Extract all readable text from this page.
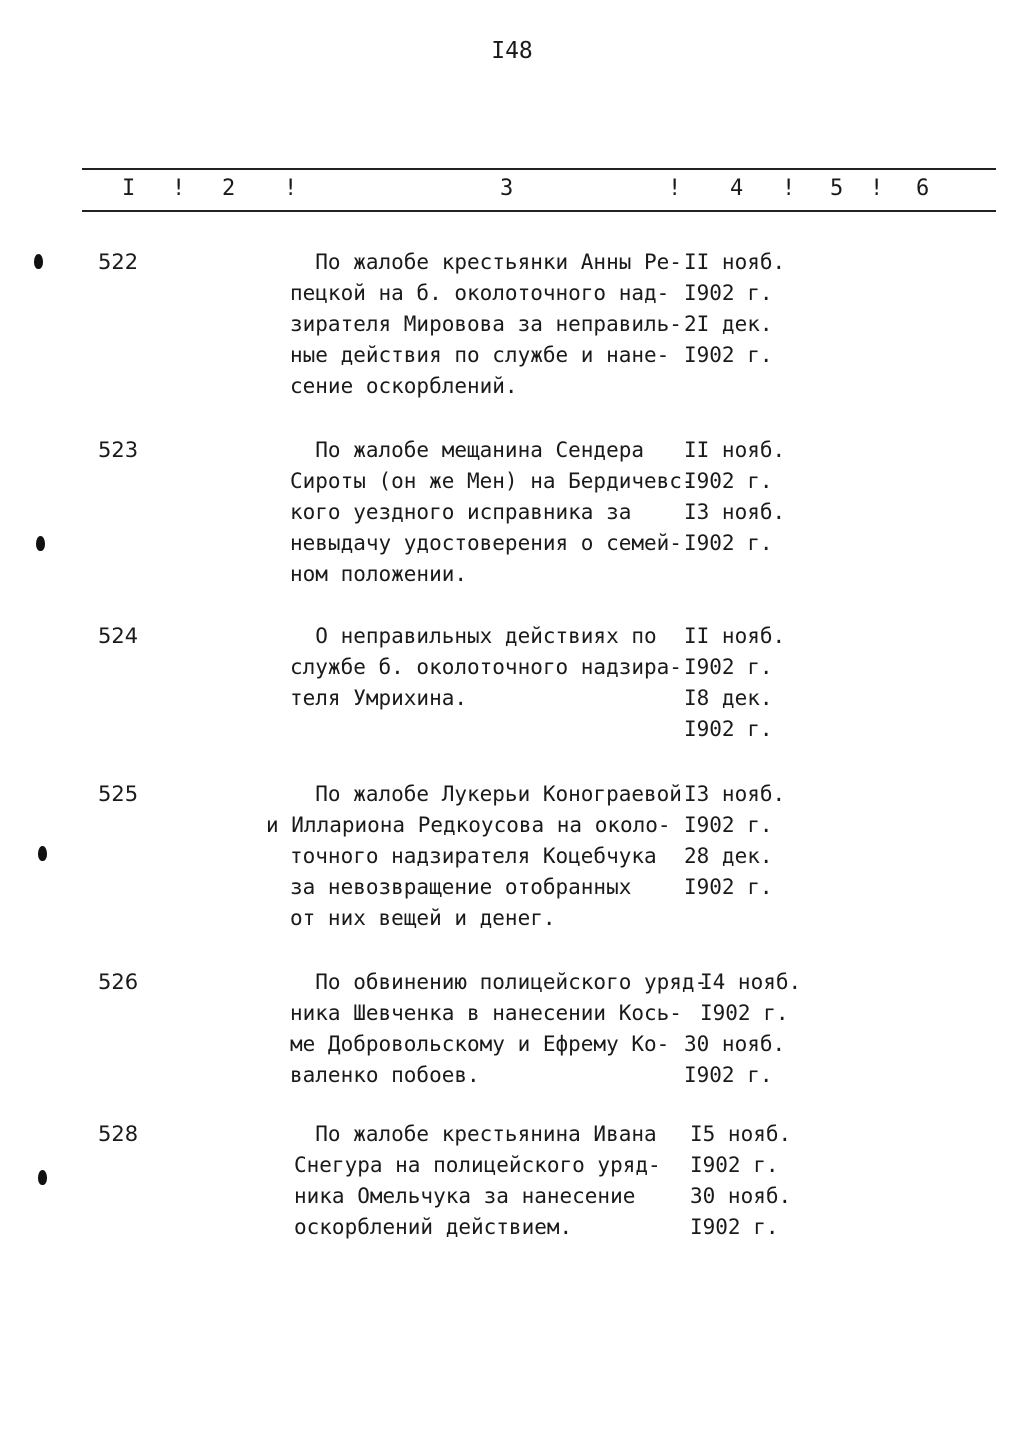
I48
I ! 2 !	3	! 4 ! 5 ! 6
522	По жалобе крестьянки Анны Ре-
пецкой на б. околоточного над-
зирателя Мировова за неправиль-
ные действия по службе и нане-
сение оскорблений.
II нояб.
I902 г.
2I дек.
I902 г.
523	По жалобе мещанина Сендера
Сироты (он же Мен) на Бердичевс-
кого уездного исправника за
невыдачу удостоверения о семей-
ном положении.
II нояб.
I902 г.
I3 нояб.
I902 г.
524	О неправильных действиях по
службе б. околоточного надзира-
теля Умрихина.
II нояб.
I902 г.
I8 дек.
I902 г.
525	По жалобе Лукерьи Конограевой
и Иллариона Редкоусова на около-
точного надзирателя Коцебчука
за невозвращение отобранных
от них вещей и денег.
I3 нояб.
I902 г.
28 дек.
I902 г.
526	По обвинению полицейского уряд-
ника Шевченка в нанесении Кось-
ме Добровольскому и Ефрему Ко-
валенко побоев.
I4 нояб.
I902 г.
30 нояб.
I902 г.
528	По жалобе крестьянина Ивана
Снегура на полицейского уряд-
ника Омельчука за нанесение
оскорблений действием.
I5 нояб.
I902 г.
30 нояб.
I902 г.
